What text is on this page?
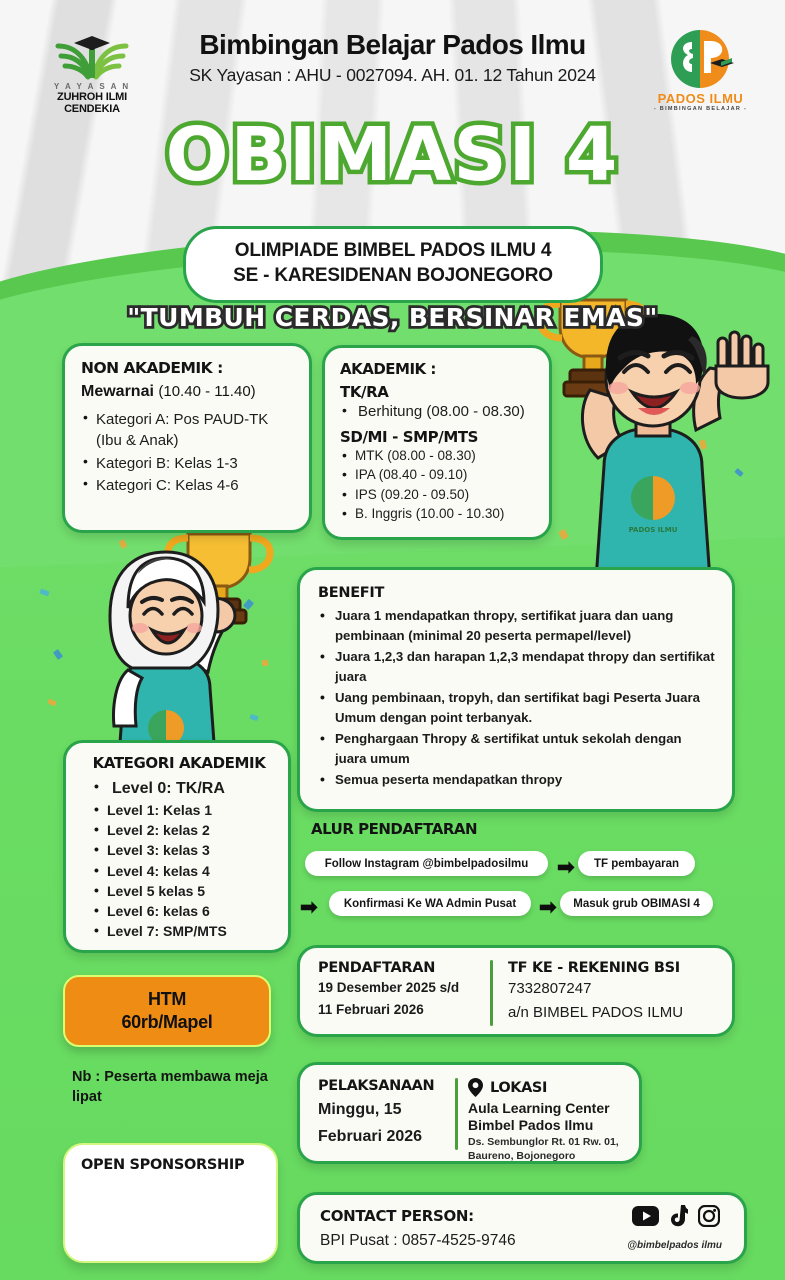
Y A Y A S A N
ZUHROH ILMI CENDEKIA
Bimbingan Belajar Pados Ilmu
SK Yayasan : AHU - 0027094. AH. 01. 12 Tahun 2024
PADOS ILMU
- BIMBINGAN BELAJAR -
OBIMASI 4
OLIMPIADE BIMBEL PADOS ILMU 4
SE - KARESIDENAN BOJONEGORO
"TUMBUH CERDAS, BERSINAR EMAS"
PADOS ILMU
NON AKADEMIK :
Mewarnai (10.40 - 11.40)
• Kategori A: Pos PAUD-TK (Ibu & Anak)
• Kategori B: Kelas 1-3
• Kategori C: Kelas 4-6
AKADEMIK :
TK/RA
• Berhitung (08.00 - 08.30)
SD/MI - SMP/MTS
• MTK (08.00 - 08.30)
• IPA (08.40 - 09.10)
• IPS (09.20 - 09.50)
• B. Inggris (10.00 - 10.30)
BENEFIT
• Juara 1 mendapatkan thropy, sertifikat juara dan uang pembinaan (minimal 20 peserta permapel/level)
• Juara 1,2,3 dan harapan 1,2,3 mendapat thropy dan sertifikat juara
• Uang pembinaan, tropyh, dan sertifikat bagi Peserta Juara Umum dengan point terbanyak.
• Penghargaan Thropy & sertifikat untuk sekolah dengan juara umum
• Semua peserta mendapatkan thropy
KATEGORI AKADEMIK
• Level 0: TK/RA
• Level 1: Kelas 1
• Level 2: kelas 2
• Level 3: kelas 3
• Level 4: kelas 4
• Level 5 kelas 5
• Level 6: kelas 6
• Level 7: SMP/MTS
ALUR PENDAFTARAN
Follow Instagram @bimbelpadosilmu	➡	TF pembayaran
➡	Konfirmasi Ke WA Admin Pusat	➡	Masuk grub OBIMASI 4
PENDAFTARAN
19 Desember 2025 s/d
11 Februari 2026
TF KE - REKENING BSI
7332807247
a/n BIMBEL PADOS ILMU
PELAKSANAAN
Minggu, 15
Februari 2026
LOKASI
Aula Learning Center
Bimbel Pados Ilmu
Ds. Sembunglor Rt. 01 Rw. 01,
Baureno, Bojonegoro
CONTACT PERSON:
BPI Pusat : 0857-4525-9746	@bimbelpados ilmu
HTM
60rb/Mapel
Nb : Peserta membawa meja lipat
OPEN SPONSORSHIP
